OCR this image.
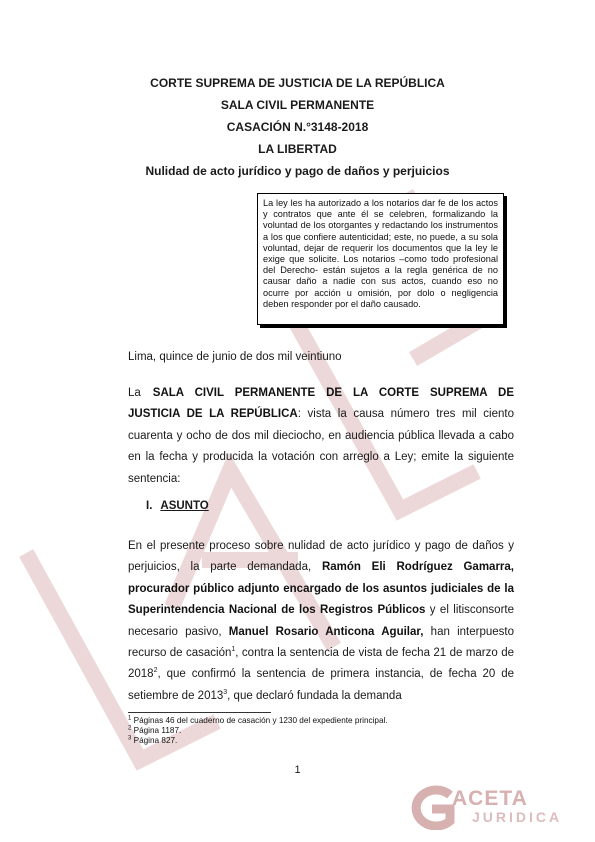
CORTE SUPREMA DE JUSTICIA DE LA REPÚBLICA
SALA CIVIL PERMANENTE
CASACIÓN N.°3148-2018
LA LIBERTAD
Nulidad de acto jurídico y pago de daños y perjuicios
La ley les ha autorizado a los notarios dar fe de los actos y contratos que ante él se celebren, formalizando la voluntad de los otorgantes y redactando los instrumentos a los que confiere autenticidad; este, no puede, a su sola voluntad, dejar de requerir los documentos que la ley le exige que solicite. Los notarios –como todo profesional del Derecho- están sujetos a la regla genérica de no causar daño a nadie con sus actos, cuando eso no ocurre por acción u omisión, por dolo o negligencia deben responder por el daño causado.
Lima, quince de junio de dos mil veintiuno
La SALA CIVIL PERMANENTE DE LA CORTE SUPREMA DE JUSTICIA DE LA REPÚBLICA: vista la causa número tres mil ciento cuarenta y ocho de dos mil dieciocho, en audiencia pública llevada a cabo en la fecha y producida la votación con arreglo a Ley; emite la siguiente sentencia:
I. ASUNTO
En el presente proceso sobre nulidad de acto jurídico y pago de daños y perjuicios, la parte demandada, Ramón Eli Rodríguez Gamarra, procurador público adjunto encargado de los asuntos judiciales de la Superintendencia Nacional de los Registros Públicos y el litisconsorte necesario pasivo, Manuel Rosario Anticona Aguilar, han interpuesto recurso de casación$^1$, contra la sentencia de vista de fecha 21 de marzo de 2018$^2$, que confirmó la sentencia de primera instancia, de fecha 20 de setiembre de 2013$^3$, que declaró fundada la demanda
$^1$ Páginas 46 del cuaderno de casación y 1230 del expediente principal.
$^2$ Página 1187.
$^3$ Página 827.
1
ACETA
JURIDICA
